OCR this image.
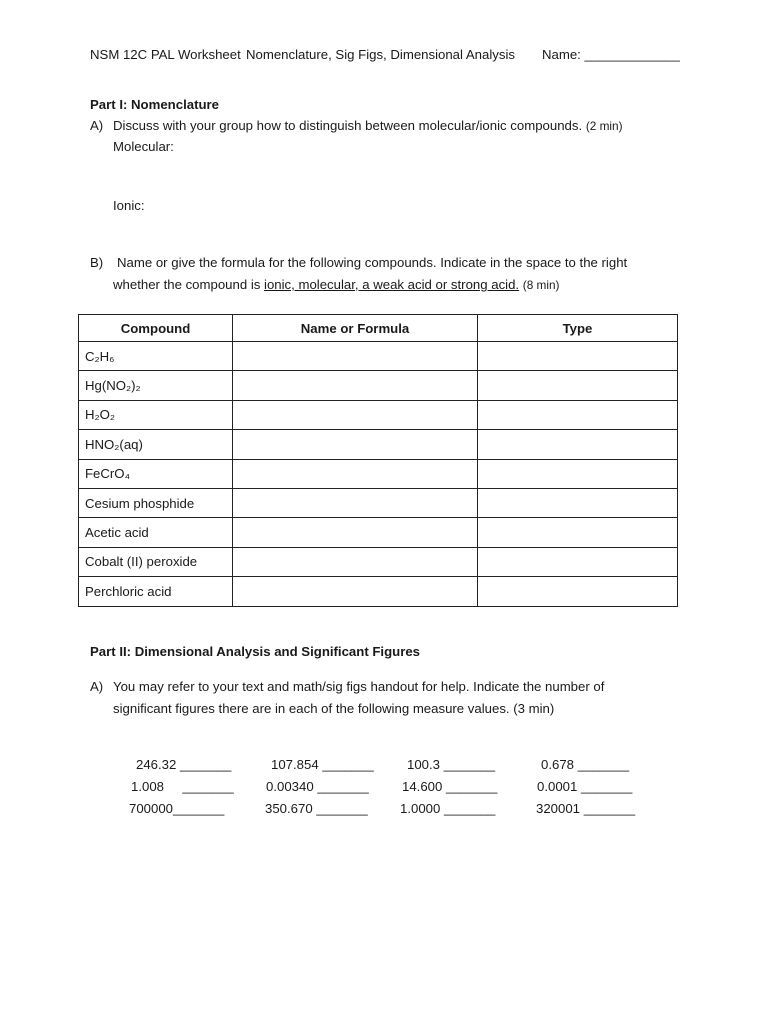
NSM 12C PAL Worksheet Nomenclature, Sig Figs, Dimensional Analysis Name: _____________
Part I: Nomenclature
A) Discuss with your group how to distinguish between molecular/ionic compounds. (2 min)
Molecular:
Ionic:
B) Name or give the formula for the following compounds. Indicate in the space to the right
whether the compound is ionic, molecular, a weak acid or strong acid. (8 min)
Compound	Name or Formula	Type
C₂H₆		
Hg(NO₂)₂		
H₂O₂		
HNO₂(aq)		
FeCrO₄		
Cesium phosphide		
Acetic acid		
Cobalt (II) peroxide		
Perchloric acid		
Part II: Dimensional Analysis and Significant Figures
A) You may refer to your text and math/sig figs handout for help. Indicate the number of
significant figures there are in each of the following measure values. (3 min)
246.32 _______	107.854 _______	100.3 _______	0.678 _______
1.008 _______ 0.00340 _______	14.600 _______	0.0001 _______
700000_______	350.670 _______ 1.0000 _______	320001 _______
